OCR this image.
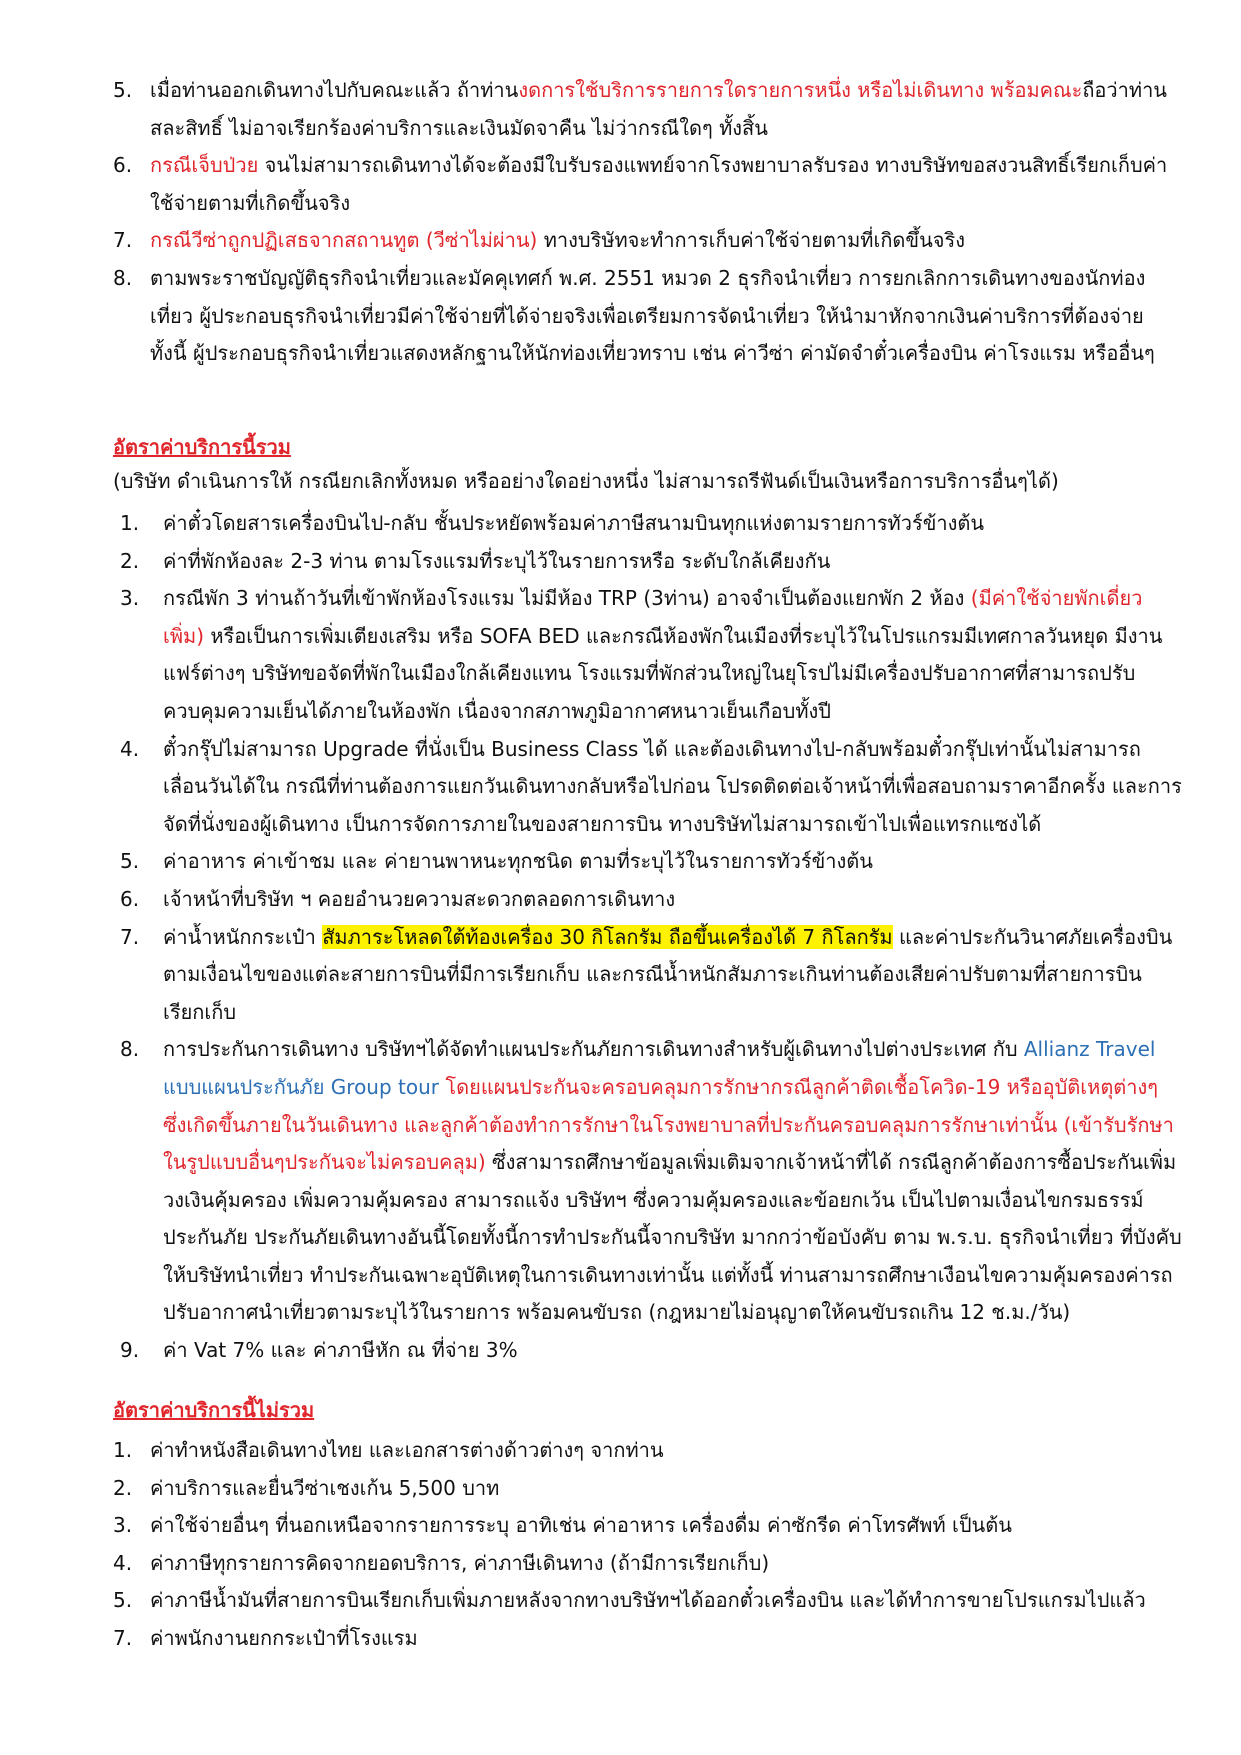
5. เมื่อท่านออกเดินทางไปกับคณะแล้ว ถ้าท่านงดการใช้บริการรายการใดรายการหนึ่ง หรือไม่เดินทาง พร้อมคณะถือว่าท่านสละสิทธิ์ ไม่อาจเรียกร้องค่าบริการและเงินมัดจาคืน ไม่ว่ากรณีใดๆ ทั้งสิ้น
6. กรณีเจ็บป่วย จนไม่สามารถเดินทางได้จะต้องมีใบรับรองแพทย์จากโรงพยาบาลรับรอง ทางบริษัทขอสงวนสิทธิ์เรียกเก็บค่าใช้จ่ายตามที่เกิดขึ้นจริง
7. กรณีวีซ่าถูกปฏิเสธจากสถานทูต (วีซ่าไม่ผ่าน) ทางบริษัทจะทำการเก็บค่าใช้จ่ายตามที่เกิดขึ้นจริง
8. ตามพระราชบัญญัติธุรกิจนำเที่ยวและมัคคุเทศก์ พ.ศ. 2551 หมวด 2 ธุรกิจนำเที่ยว การยกเลิกการเดินทางของนักท่องเที่ยว ผู้ประกอบธุรกิจนำเที่ยวมีค่าใช้จ่ายที่ได้จ่ายจริงเพื่อเตรียมการจัดนำเที่ยว ให้นำมาหักจากเงินค่าบริการที่ต้องจ่าย ทั้งนี้ ผู้ประกอบธุรกิจนำเที่ยวแสดงหลักฐานให้นักท่องเที่ยวทราบ เช่น ค่าวีซ่า ค่ามัดจำตั๋วเครื่องบิน ค่าโรงแรม หรืออื่นๆ
อัตราค่าบริการนี้รวม
(บริษัท ดำเนินการให้ กรณียกเลิกทั้งหมด หรืออย่างใดอย่างหนึ่ง ไม่สามารถรีฟันด์เป็นเงินหรือการบริการอื่นๆได้)
1. ค่าตั๋วโดยสารเครื่องบินไป-กลับ ชั้นประหยัดพร้อมค่าภาษีสนามบินทุกแห่งตามรายการทัวร์ข้างต้น
2. ค่าที่พักห้องละ 2-3 ท่าน ตามโรงแรมที่ระบุไว้ในรายการหรือ ระดับใกล้เคียงกัน
3. กรณีพัก 3 ท่านถ้าวันที่เข้าพักห้องโรงแรม ไม่มีห้อง TRP (3ท่าน) อาจจำเป็นต้องแยกพัก 2 ห้อง (มีค่าใช้จ่ายพักเดี่ยวเพิ่ม) หรือเป็นการเพิ่มเตียงเสริม หรือ SOFA BED และกรณีห้องพักในเมืองที่ระบุไว้ในโปรแกรมมีเทศกาลวันหยุด มีงานแฟร์ต่างๆ บริษัทขอจัดที่พักในเมืองใกล้เคียงแทน โรงแรมที่พักส่วนใหญ่ในยุโรปไม่มีเครื่องปรับอากาศที่สามารถปรับควบคุมความเย็นได้ภายในห้องพัก เนื่องจากสภาพภูมิอากาศหนาวเย็นเกือบทั้งปี
4. ตั๋วกรุ๊ปไม่สามารถ Upgrade ที่นั่งเป็น Business Class ได้ และต้องเดินทางไป-กลับพร้อมตั๋วกรุ๊ปเท่านั้นไม่สามารถเลื่อนวันได้ใน กรณีที่ท่านต้องการแยกวันเดินทางกลับหรือไปก่อน โปรดติดต่อเจ้าหน้าที่เพื่อสอบถามราคาอีกครั้ง และการจัดที่นั่งของผู้เดินทาง เป็นการจัดการภายในของสายการบิน ทางบริษัทไม่สามารถเข้าไปเพื่อแทรกแซงได้
5. ค่าอาหาร ค่าเข้าชม และ ค่ายานพาหนะทุกชนิด ตามที่ระบุไว้ในรายการทัวร์ข้างต้น
6. เจ้าหน้าที่บริษัท ฯ คอยอำนวยความสะดวกตลอดการเดินทาง
7. ค่าน้ำหนักกระเป๋า สัมภาระโหลดใต้ท้องเครื่อง 30 กิโลกรัม ถือขึ้นเครื่องได้ 7 กิโลกรัม และค่าประกันวินาศภัยเครื่องบินตามเงื่อนไขของแต่ละสายการบินที่มีการเรียกเก็บ และกรณีน้ำหนักสัมภาระเกินท่านต้องเสียค่าปรับตามที่สายการบินเรียกเก็บ
8. การประกันการเดินทาง บริษัทฯได้จัดทำแผนประกันภัยการเดินทางสำหรับผู้เดินทางไปต่างประเทศ กับ Allianz Travel แบบแผนประกันภัย Group tour โดยแผนประกันจะครอบคลุมการรักษากรณีลูกค้าติดเชื้อโควิด-19 หรืออุบัติเหตุต่างๆ ซึ่งเกิดขึ้นภายในวันเดินทาง และลูกค้าต้องทำการรักษาในโรงพยาบาลที่ประกันครอบคลุมการรักษาเท่านั้น (เข้ารับรักษาในรูปแบบอื่นๆประกันจะไม่ครอบคลุม) ซึ่งสามารถศึกษาข้อมูลเพิ่มเติมจากเจ้าหน้าที่ได้ กรณีลูกค้าต้องการซื้อประกันเพิ่มวงเงินคุ้มครอง เพิ่มความคุ้มครอง สามารถแจ้ง บริษัทฯ ซึ่งความคุ้มครองและข้อยกเว้น เป็นไปตามเงื่อนไขกรมธรรม์ประกันภัย ประกันภัยเดินทางอันนี้โดยทั้งนี้การทำประกันนี้จากบริษัท มากกว่าข้อบังคับ ตาม พ.ร.บ. ธุรกิจนำเที่ยว ที่บังคับให้บริษัทนำเที่ยว ทำประกันเฉพาะอุบัติเหตุในการเดินทางเท่านั้น แต่ทั้งนี้ ท่านสามารถศึกษาเงือนไขความคุ้มครองค่ารถปรับอากาศนำเที่ยวตามระบุไว้ในรายการ พร้อมคนขับรถ (กฎหมายไม่อนุญาตให้คนขับรถเกิน 12 ช.ม./วัน)
9. ค่า Vat 7% และ ค่าภาษีหัก ณ ที่จ่าย 3%
อัตราค่าบริการนี้ไม่รวม
1. ค่าทำหนังสือเดินทางไทย และเอกสารต่างด้าวต่างๆ จากท่าน
2. ค่าบริการและยื่นวีซ่าเชงเก้น 5,500 บาท
3. ค่าใช้จ่ายอื่นๆ ที่นอกเหนือจากรายการระบุ อาทิเช่น ค่าอาหาร เครื่องดื่ม ค่าซักรีด ค่าโทรศัพท์ เป็นต้น
4. ค่าภาษีทุกรายการคิดจากยอดบริการ, ค่าภาษีเดินทาง (ถ้ามีการเรียกเก็บ)
5. ค่าภาษีน้ำมันที่สายการบินเรียกเก็บเพิ่มภายหลังจากทางบริษัทฯได้ออกตั๋วเครื่องบิน และได้ทำการขายโปรแกรมไปแล้ว
7. ค่าพนักงานยกกระเป๋าที่โรงแรม
